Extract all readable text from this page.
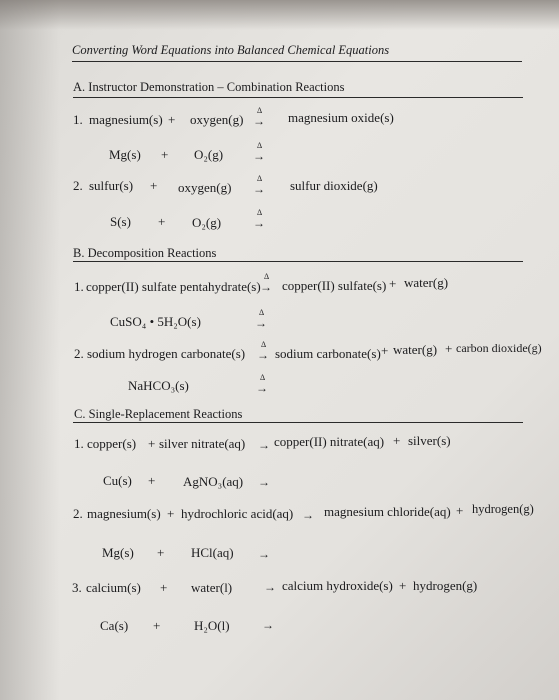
Converting Word Equations into Balanced Chemical Equations
A. Instructor Demonstration – Combination Reactions
1. magnesium(s) + oxygen(g)
Δ
→ magnesium oxide(s)
Mg(s) + O₂(g)
Δ
→
2. sulfur(s) + oxygen(g)
Δ
→ sulfur dioxide(g)
S(s) + O₂(g)
Δ
→
B. Decomposition Reactions
1. copper(II) sulfate pentahydrate(s)
Δ
→ copper(II) sulfate(s) + water(g)
CuSO₄ • 5H₂O(s)
Δ
→
2. sodium hydrogen carbonate(s)
Δ
→ sodium carbonate(s) + water(g) + carbon dioxide(g)
NaHCO₃(s)
Δ
→
C. Single-Replacement Reactions
1. copper(s) + silver nitrate(aq) → copper(II) nitrate(aq) + silver(s)
Cu(s) + AgNO₃(aq) →
2. magnesium(s) + hydrochloric acid(aq) → magnesium chloride(aq) + hydrogen(g)
Mg(s) + HCl(aq) →
3. calcium(s) + water(l)	→ calcium hydroxide(s) + hydrogen(g)
Ca(s) +	H₂O(l)	→
